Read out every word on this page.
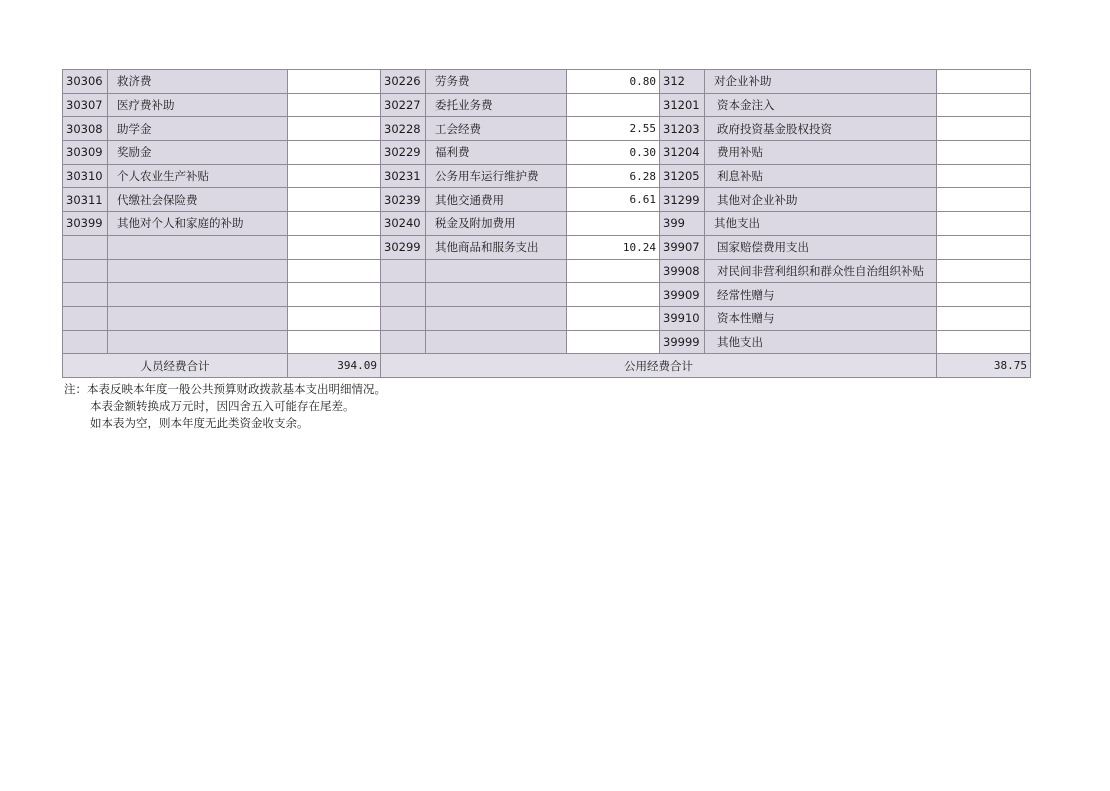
30306	救济费		30226	劳务费	0.80	312	对企业补助	
30307	医疗费补助		30227	委托业务费		31201	资本金注入	
30308	助学金		30228	工会经费	2.55	31203	政府投资基金股权投资	
30309	奖励金		30229	福利费	0.30	31204	费用补贴	
30310	个人农业生产补贴		30231	公务用车运行维护费	6.28	31205	利息补贴	
30311	代缴社会保险费		30239	其他交通费用	6.61	31299	其他对企业补助	
30399	其他对个人和家庭的补助		30240	税金及附加费用		399	其他支出	
			30299	其他商品和服务支出	10.24	39907	国家赔偿费用支出	
						39908	对民间非营利组织和群众性自治组织补贴	
						39909	经常性赠与	
						39910	资本性赠与	
						39999	其他支出	
人员经费合计		394.09	公用经费合计					38.75
注：本表反映本年度一般公共预算财政拨款基本支出明细情况。
本表金额转换成万元时，因四舍五入可能存在尾差。
如本表为空，则本年度无此类资金收支余。
